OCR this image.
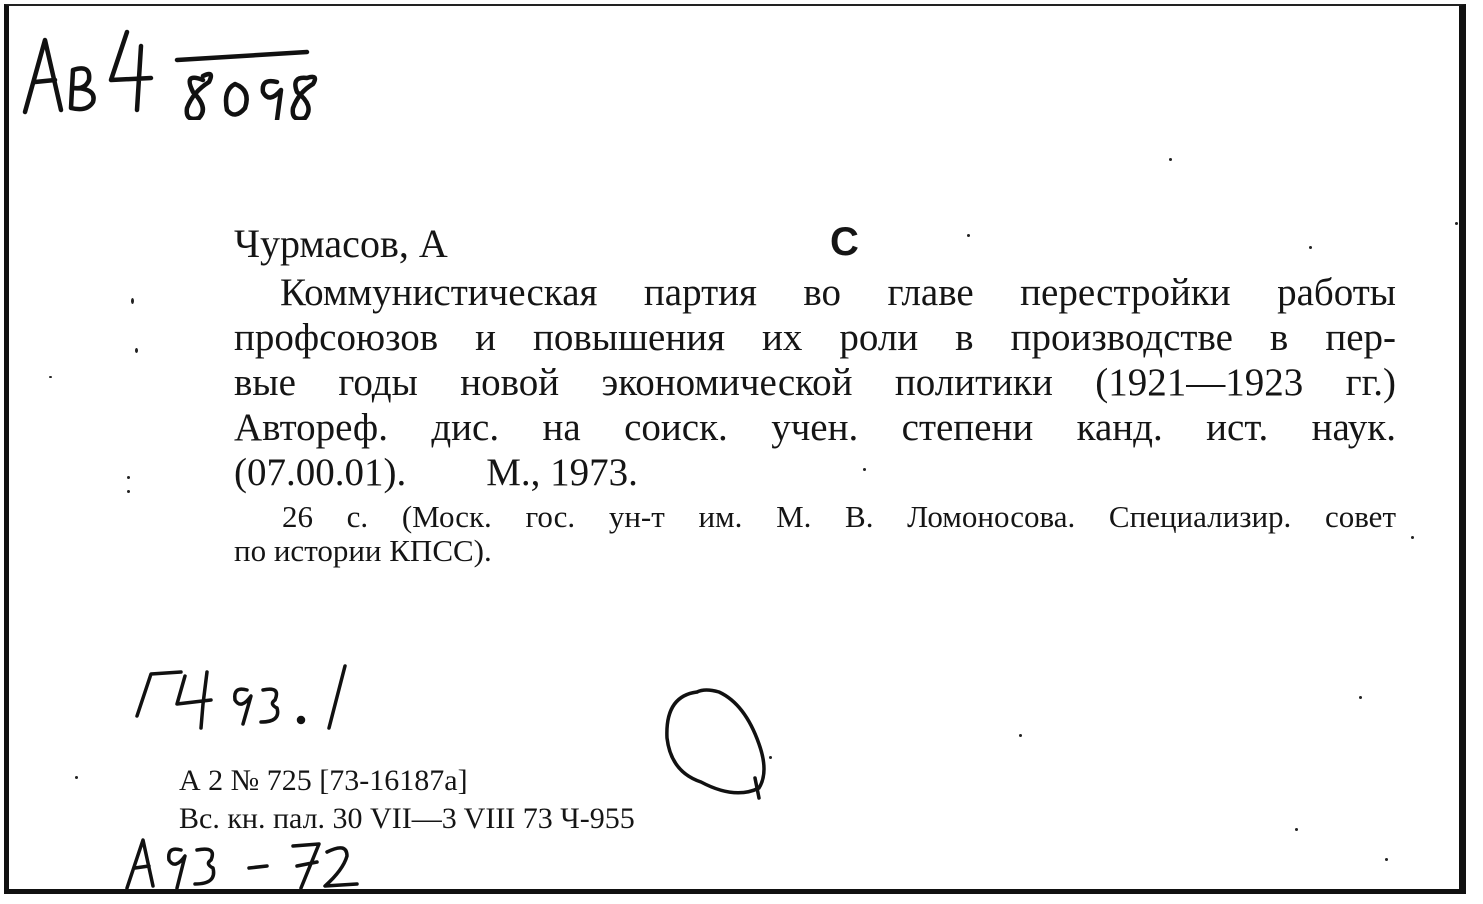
Чурмасов, А	С
Коммунистическая партия во главе перестройки работы
профсоюзов и повышения их роли в производстве в пер-
вые годы новой экономической политики (1921—1923 гг.)
Автореф. дис. на соиск. учен. степени канд. ист. наук.
(07.00.01). М., 1973.
26 с. (Моск. гос. ун-т им. М. В. Ломоносова. Специализир. совет
по истории КПСС).
А 2 № 725 [73-16187а]
Вс. кн. пал. 30 VII—3 VIII 73 Ч-955
